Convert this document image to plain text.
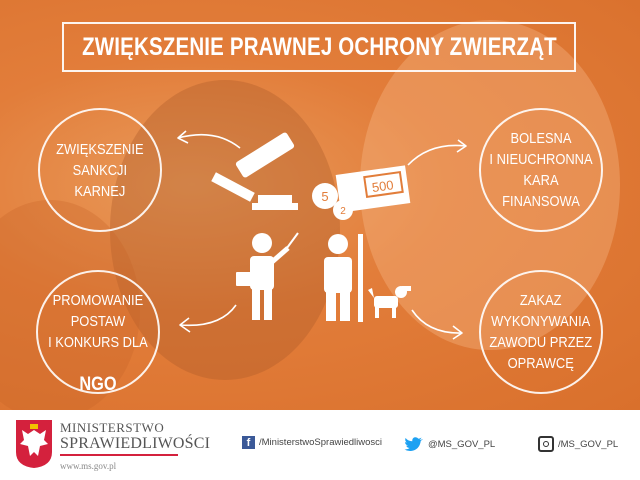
ZWIĘKSZENIE PRAWNEJ OCHRONY ZWIERZĄT
ZWIĘKSZENIE
SANKCJI
KARNEJ
BOLESNA
I NIEUCHRONNA
KARA
FINANSOWA

PROMOWANIE
POSTAW
I KONKURS DLA

NGO

ZAKAZ
WYKONYWANIA
ZAWODU PRZEZ
OPRAWCĘ
500
5
2
MINISTERSTWO
SPRAWIEDLIWOŚCI
www.ms.gov.pl
f /MinisterstwoSprawiedliwosci	@MS_GOV_PL	/MS_GOV_PL
